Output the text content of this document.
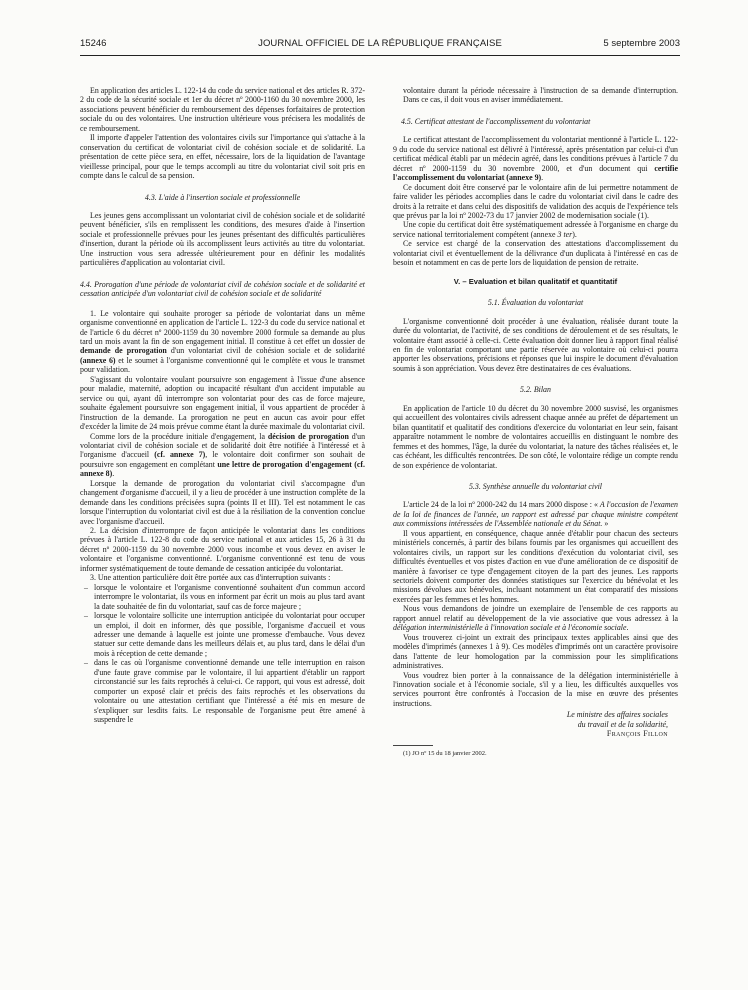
15246	JOURNAL OFFICIEL DE LA RÉPUBLIQUE FRANÇAISE	5 septembre 2003

En application des articles L. 122-14 du code du service national et des articles R. 372-2 du code de la sécurité sociale et 1er du décret nº 2000-1160 du 30 novembre 2000, les associations peuvent bénéficier du remboursement des dépenses forfaitaires de protection sociale du ou des volontaires. Une instruction ultérieure vous précisera les modalités de ce remboursement.

Il importe d'appeler l'attention des volontaires civils sur l'importance qui s'attache à la conservation du certificat de volontariat civil de cohésion sociale et de solidarité. La présentation de cette pièce sera, en effet, nécessaire, lors de la liquidation de l'avantage vieillesse principal, pour que le temps accompli au titre du volontariat civil soit pris en compte dans le calcul de sa pension.

4.3. L'aide à l'insertion sociale et professionnelle

Les jeunes gens accomplissant un volontariat civil de cohésion sociale et de solidarité peuvent bénéficier, s'ils en remplissent les conditions, des mesures d'aide à l'insertion sociale et professionnelle prévues pour les jeunes présentant des difficultés particulières d'insertion, durant la période où ils accomplissent leurs activités au titre du volontariat. Une instruction vous sera adressée ultérieurement pour en définir les modalités particulières d'application au volontariat civil.

4.4. Prorogation d'une période de volontariat civil de cohésion sociale et de solidarité et cessation anticipée d'un volontariat civil de cohésion sociale et de solidarité

1. Le volontaire qui souhaite proroger sa période de volontariat dans un même organisme conventionné en application de l'article L. 122-3 du code du service national et de l'article 6 du décret nº 2000-1159 du 30 novembre 2000 formule sa demande au plus tard un mois avant la fin de son engagement initial. Il constitue à cet effet un dossier de demande de prorogation d'un volontariat civil de cohésion sociale et de solidarité (annexe 6) et le soumet à l'organisme conventionné qui le complète et vous le transmet pour validation.

S'agissant du volontaire voulant poursuivre son engagement à l'issue d'une absence pour maladie, maternité, adoption ou incapacité résultant d'un accident imputable au service ou qui, ayant dû interrompre son volontariat pour des cas de force majeure, souhaite également poursuivre son engagement initial, il vous appartient de procéder à l'instruction de la demande. La prorogation ne peut en aucun cas avoir pour effet d'excéder la limite de 24 mois prévue comme étant la durée maximale du volontariat civil.

Comme lors de la procédure initiale d'engagement, la décision de prorogation d'un volontariat civil de cohésion sociale et de solidarité doit être notifiée à l'intéressé et à l'organisme d'accueil (cf. annexe 7), le volontaire doit confirmer son souhait de poursuivre son engagement en complétant une lettre de prorogation d'engagement (cf. annexe 8).

Lorsque la demande de prorogation du volontariat civil s'accompagne d'un changement d'organisme d'accueil, il y a lieu de procéder à une instruction complète de la demande dans les conditions précisées supra (points II et III). Tel est notamment le cas lorsque l'interruption du volontariat civil est due à la résiliation de la convention conclue avec l'organisme d'accueil.

2. La décision d'interrompre de façon anticipée le volontariat dans les conditions prévues à l'article L. 122-8 du code du service national et aux articles 15, 26 à 31 du décret nº 2000-1159 du 30 novembre 2000 vous incombe et vous devez en aviser le volontaire et l'organisme conventionné. L'organisme conventionné est tenu de vous informer systématiquement de toute demande de cessation anticipée du volontariat.

3. Une attention particulière doit être portée aux cas d'interruption suivants :

– lorsque le volontaire et l'organisme conventionné souhaitent d'un commun accord interrompre le volontariat, ils vous en informent par écrit un mois au plus tard avant la date souhaitée de fin du volontariat, sauf cas de force majeure ;
– lorsque le volontaire sollicite une interruption anticipée du volontariat pour occuper un emploi, il doit en informer, dès que possible, l'organisme d'accueil et vous adresser une demande à laquelle est jointe une promesse d'embauche. Vous devez statuer sur cette demande dans les meilleurs délais et, au plus tard, dans le délai d'un mois à réception de cette demande ;
– dans le cas où l'organisme conventionné demande une telle interruption en raison d'une faute grave commise par le volontaire, il lui appartient d'établir un rapport circonstancié sur les faits reprochés à celui-ci. Ce rapport, qui vous est adressé, doit comporter un exposé clair et précis des faits reprochés et les observations du volontaire ou une attestation certifiant que l'intéressé a été mis en mesure de s'expliquer sur lesdits faits. Le responsable de l'organisme peut être amené à suspendre le

volontaire durant la période nécessaire à l'instruction de sa demande d'interruption. Dans ce cas, il doit vous en aviser immédiatement.

4.5. Certificat attestant de l'accomplissement du volontariat

Le certificat attestant de l'accomplissement du volontariat mentionné à l'article L. 122-9 du code du service national est délivré à l'intéressé, après présentation par celui-ci d'un certificat médical établi par un médecin agréé, dans les conditions prévues à l'article 7 du décret nº 2000-1159 du 30 novembre 2000, et d'un document qui certifie l'accomplissement du volontariat (annexe 9).

Ce document doit être conservé par le volontaire afin de lui permettre notamment de faire valider les périodes accomplies dans le cadre du volontariat civil dans le cadre des droits à la retraite et dans celui des dispositifs de validation des acquis de l'expérience tels que prévus par la loi nº 2002-73 du 17 janvier 2002 de modernisation sociale (1).

Une copie du certificat doit être systématiquement adressée à l'organisme en charge du service national territorialement compétent (annexe 3 ter).

Ce service est chargé de la conservation des attestations d'accomplissement du volontariat civil et éventuellement de la délivrance d'un duplicata à l'intéressé en cas de besoin et notamment en cas de perte lors de liquidation de pension de retraite.

V. – Evaluation et bilan qualitatif et quantitatif
5.1. Évaluation du volontariat

L'organisme conventionné doit procéder à une évaluation, réalisée durant toute la durée du volontariat, de l'activité, de ses conditions de déroulement et de ses résultats, le volontaire étant associé à celle-ci. Cette évaluation doit donner lieu à rapport final réalisé en fin de volontariat comportant une partie réservée au volontaire où celui-ci pourra apporter les observations, précisions et réponses que lui inspire le document d'évaluation soumis à son appréciation. Vous devez être destinataires de ces évaluations.

5.2. Bilan

En application de l'article 10 du décret du 30 novembre 2000 susvisé, les organismes qui accueillent des volontaires civils adressent chaque année au préfet de département un bilan quantitatif et qualitatif des conditions d'exercice du volontariat en leur sein, faisant apparaître notamment le nombre de volontaires accueillis en distinguant le nombre des femmes et des hommes, l'âge, la durée du volontariat, la nature des tâches réalisées et, le cas échéant, les difficultés rencontrées. De son côté, le volontaire rédige un compte rendu de son expérience de volontariat.

5.3. Synthèse annuelle du volontariat civil

L'article 24 de la loi nº 2000-242 du 14 mars 2000 dispose : « A l'occasion de l'examen de la loi de finances de l'année, un rapport est adressé par chaque ministre compétent aux commissions intéressées de l'Assemblée nationale et du Sénat. »

Il vous appartient, en conséquence, chaque année d'établir pour chacun des secteurs ministériels concernés, à partir des bilans fournis par les organismes qui accueillent des volontaires civils, un rapport sur les conditions d'exécution du volontariat civil, ses difficultés éventuelles et vos pistes d'action en vue d'une amélioration de ce dispositif de manière à favoriser ce type d'engagement citoyen de la part des jeunes. Les rapports sectoriels doivent comporter des données statistiques sur l'exercice du bénévolat et les missions dévolues aux bénévoles, incluant notamment un état comparatif des missions exercées par les femmes et les hommes.

Nous vous demandons de joindre un exemplaire de l'ensemble de ces rapports au rapport annuel relatif au développement de la vie associative que vous adressez à la délégation interministérielle à l'innovation sociale et à l'économie sociale.

Vous trouverez ci-joint un extrait des principaux textes applicables ainsi que des modèles d'imprimés (annexes 1 à 9). Ces modèles d'imprimés ont un caractère provisoire dans l'attente de leur homologation par la commission pour les simplifications administratives.

Vous voudrez bien porter à la connaissance de la délégation interministérielle à l'innovation sociale et à l'économie sociale, s'il y a lieu, les difficultés auxquelles vos services pourront être confrontés à l'occasion de la mise en œuvre des présentes instructions.

Le ministre des affaires sociales
du travail et de la solidarité,
François Fillon

(1) JO nº 15 du 18 janvier 2002.
